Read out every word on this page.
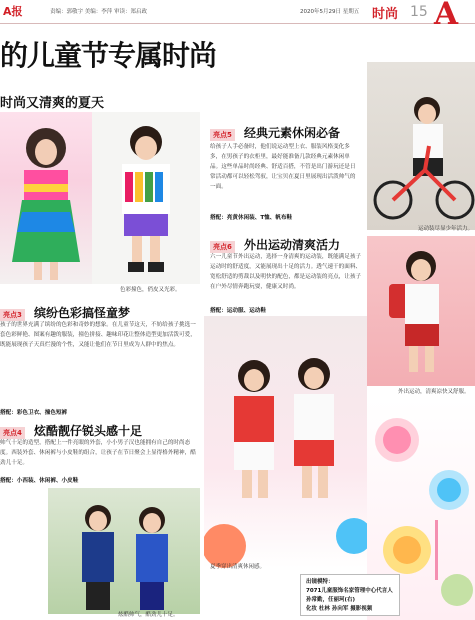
A报	责编：郭敬宇 美编：李萍 审读：郑启政	2020年5月29日 星期五 时尚 15 A
的儿童节专属时尚
时尚又清爽的夏天
色彩撞色，俏皮又光彩。
运动装尽显少年活力。
亮点5 经典元素休闲必备
给孩子人手必备时，他们说运动型上衣、服装风格变化多多，在男孩子的衣柜里，最好能准备几款经典元素休闲单品。这些单品时尚经典、舒适百搭，不管是出门游玩还是日常活动都可以轻松驾驭，让宝贝在夏日里展现出活泼帅气的一面。
搭配：亮黄休闲装、T恤、帆布鞋
亮点6 外出运动清爽活力
六一儿童节外出运动，选择一身清爽的运动装，既能满足孩子运动时的舒适度，又能展现出十足的活力。透气速干的面料、宽松舒适的剪裁以及明快的配色，都是运动装的亮点，让孩子在户外尽情奔跑玩耍，健康又时尚。
搭配：运动服、运动鞋
外出运动，清爽凉快又舒服。
亮点3 缤纷色彩搞怪童梦
孩子的世界充满了缤纷的色彩和奇妙的想象。在儿童节这天，不妨给孩子挑选一套色彩鲜艳、图案有趣的服装，撞色拼接、趣味印花让整体造型更加活泼可爱，既能展现孩子天真烂漫的个性，又能让他们在节日里成为人群中的焦点。
搭配：彩色卫衣、撞色短裤
夏季穿出清爽休闲感。
亮点4 炫酷靓仔锐头感十足
帅气十足的造型，搭配上一件亮眼的外套，小小男子汉也能拥有自己的时尚态度。西装外套、休闲裤与小皮鞋的组合，让孩子在节日聚会上显得格外精神，酷劲儿十足。
搭配：小西装、休闲裤、小皮鞋
炫酷帅气，酷劲儿十足。
出镜模特：
7071儿童服饰名家管理中心代言人
孙常勤，任丽珂(右)
化妆 杜林 孙向军 摄影视频
